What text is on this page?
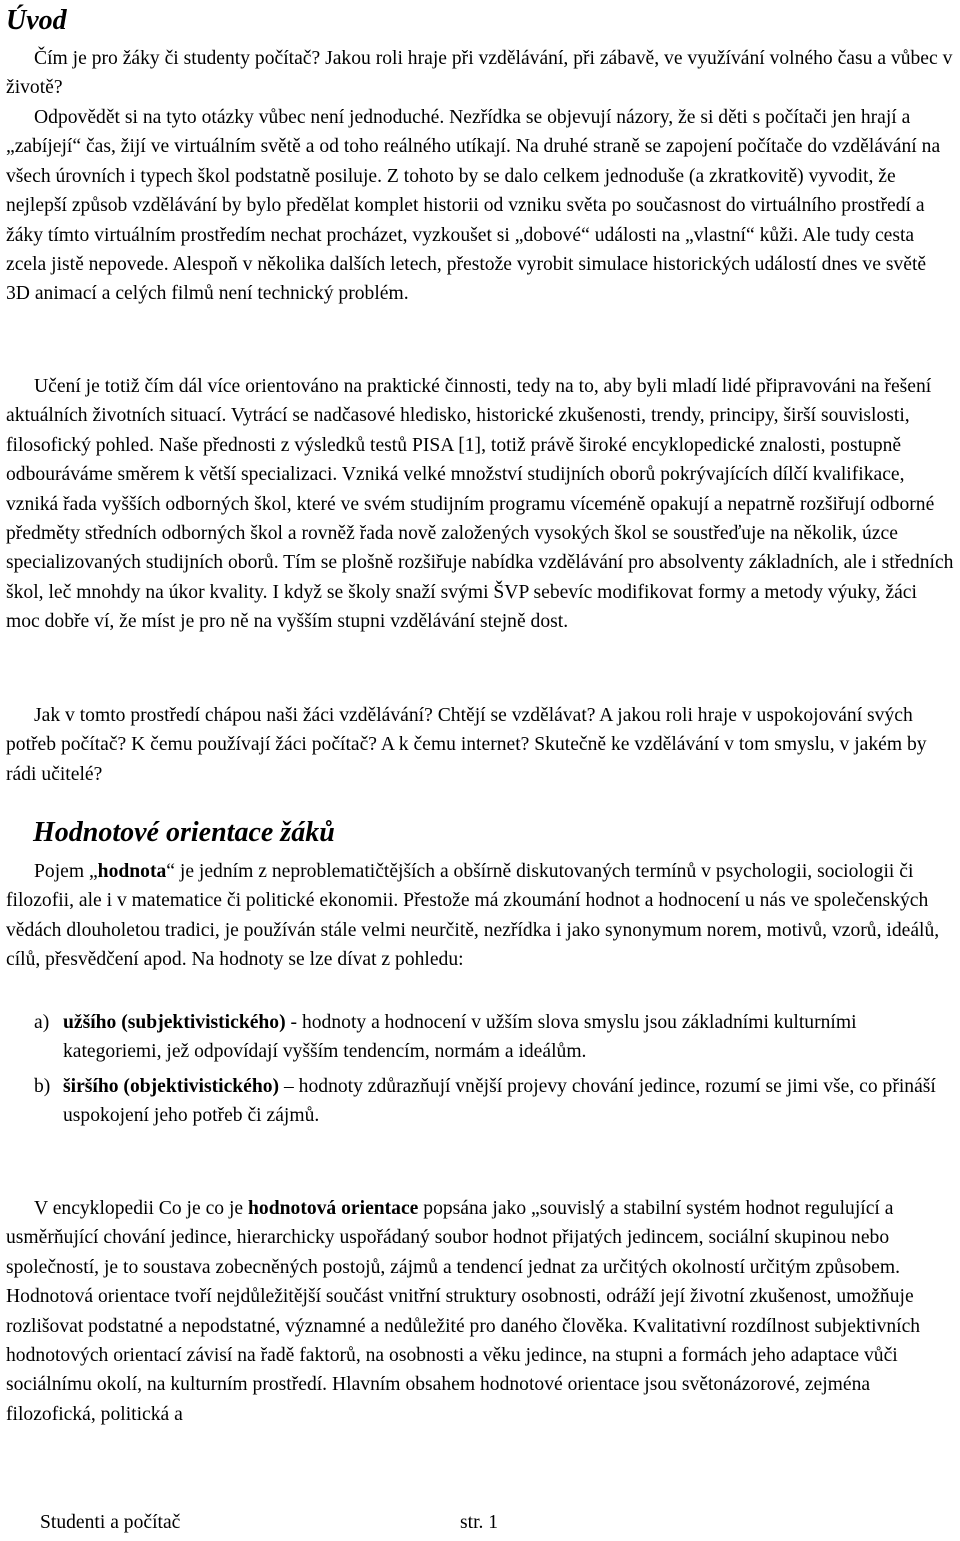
Úvod

Čím je pro žáky či studenty počítač? Jakou roli hraje při vzdělávání, při zábavě, ve využívání volného času a vůbec v životě?

Odpovědět si na tyto otázky vůbec není jednoduché. Nezřídka se objevují názory, že si děti s počítači jen hrají a „zabíjejí“ čas, žijí ve virtuálním světě a od toho reálného utíkají. Na druhé straně se zapojení počítače do vzdělávání na všech úrovních i typech škol podstatně posiluje. Z tohoto by se dalo celkem jednoduše (a zkratkovitě) vyvodit, že nejlepší způsob vzdělávání by bylo předělat komplet historii od vzniku světa po současnost do virtuálního prostředí a žáky tímto virtuálním prostředím nechat procházet, vyzkoušet si „dobové“ události na „vlastní“ kůži. Ale tudy cesta zcela jistě nepovede. Alespoň v několika dalších letech, přestože vyrobit simulace historických událostí dnes ve světě 3D animací a celých filmů není technický problém.

Učení je totiž čím dál více orientováno na praktické činnosti, tedy na to, aby byli mladí lidé připravováni na řešení aktuálních životních situací. Vytrácí se nadčasové hledisko, historické zkušenosti, trendy, principy, širší souvislosti, filosofický pohled. Naše přednosti z výsledků testů PISA [1], totiž právě široké encyklopedické znalosti, postupně odbouráváme směrem k větší specializaci. Vzniká velké množství studijních oborů pokrývajících dílčí kvalifikace, vzniká řada vyšších odborných škol, které ve svém studijním programu víceméně opakují a nepatrně rozšiřují odborné předměty středních odborných škol a rovněž řada nově založených vysokých škol se soustřeďuje na několik, úzce specializovaných studijních oborů. Tím se plošně rozšiřuje nabídka vzdělávání pro absolventy základních, ale i středních škol, leč mnohdy na úkor kvality. I když se školy snaží svými ŠVP sebevíc modifikovat formy a metody výuky, žáci moc dobře ví, že míst je pro ně na vyšším stupni vzdělávání stejně dost.

Jak v tomto prostředí chápou naši žáci vzdělávání? Chtějí se vzdělávat? A jakou roli hraje v uspokojování svých potřeb počítač? K čemu používají žáci počítač? A k čemu internet? Skutečně ke vzdělávání v tom smyslu, v jakém by rádi učitelé?

Hodnotové orientace žáků

Pojem „hodnota“ je jedním z neproblematičtějších a obšírně diskutovaných termínů v psychologii, sociologii či filozofii, ale i v matematice či politické ekonomii. Přestože má zkoumání hodnot a hodnocení u nás ve společenských vědách dlouholetou tradici, je používán stále velmi neurčitě, nezřídka i jako synonymum norem, motivů, vzorů, ideálů, cílů, přesvědčení apod. Na hodnoty se lze dívat z pohledu:

a) užšího (subjektivistického) - hodnoty a hodnocení v užším slova smyslu jsou základními kulturními kategoriemi, jež odpovídají vyšším tendencím, normám a ideálům.
b) širšího (objektivistického) – hodnoty zdůrazňují vnější projevy chování jedince, rozumí se jimi vše, co přináší uspokojení jeho potřeb či zájmů.

V encyklopedii Co je co je hodnotová orientace popsána jako „souvislý a stabilní systém hodnot regulující a usměrňující chování jedince, hierarchicky uspořádaný soubor hodnot přijatých jedincem, sociální skupinou nebo společností, je to soustava zobecněných postojů, zájmů a tendencí jednat za určitých okolností určitým způsobem. Hodnotová orientace tvoří nejdůležitější součást vnitřní struktury osobnosti, odráží její životní zkušenost, umožňuje rozlišovat podstatné a nepodstatné, významné a nedůležité pro daného člověka. Kvalitativní rozdílnost subjektivních hodnotových orientací závisí na řadě faktorů, na osobnosti a věku jedince, na stupni a formách jeho adaptace vůči sociálnímu okolí, na kulturním prostředí. Hlavním obsahem hodnotové orientace jsou světonázorové, zejména filozofická, politická a

Studenti a počítač	str. 1
